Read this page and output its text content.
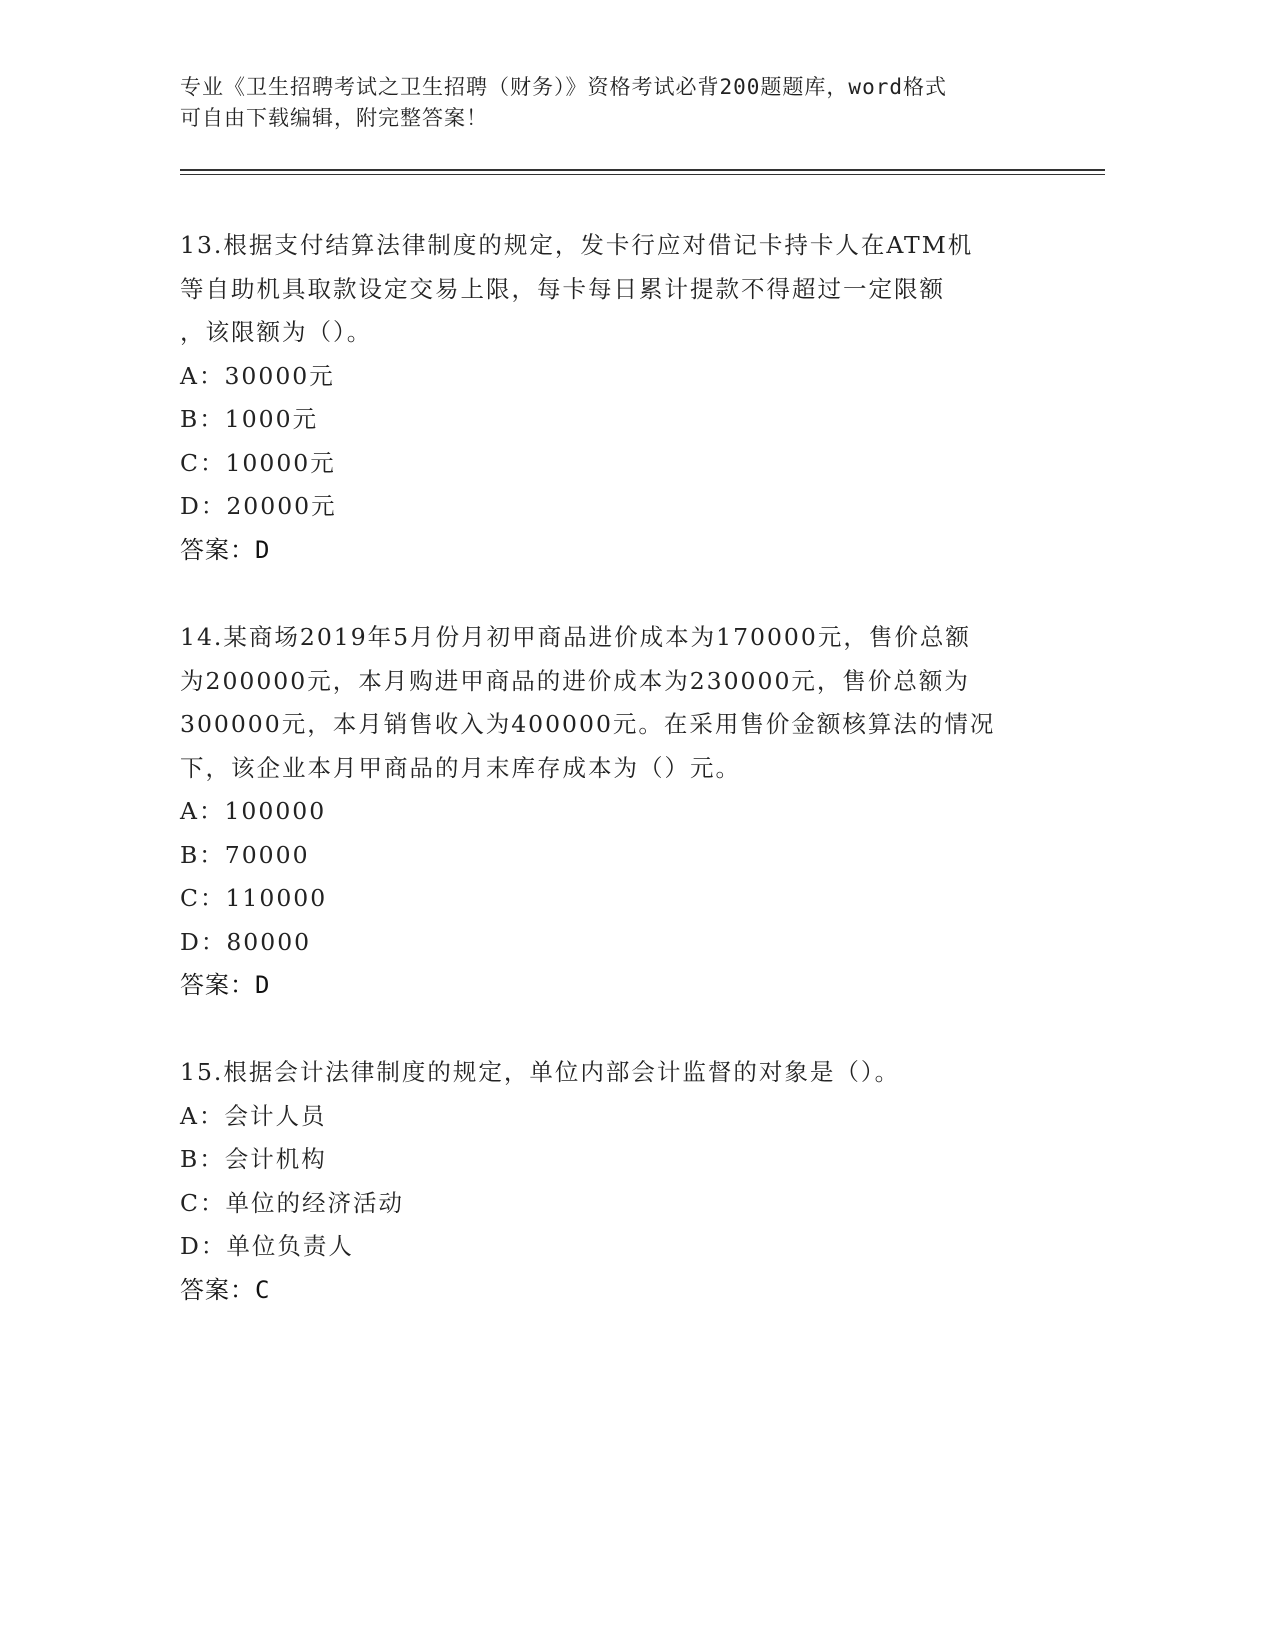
专业《卫生招聘考试之卫生招聘（财务）》资格考试必背200题题库，word格式
可自由下载编辑，附完整答案！
13.根据支付结算法律制度的规定，发卡行应对借记卡持卡人在ATM机
等自助机具取款设定交易上限，每卡每日累计提款不得超过一定限额
，该限额为（）。
A：30000元
B：1000元
C：10000元
D：20000元
答案：D
14.某商场2019年5月份月初甲商品进价成本为170000元，售价总额
为200000元，本月购进甲商品的进价成本为230000元，售价总额为
300000元，本月销售收入为400000元。在采用售价金额核算法的情况
下，该企业本月甲商品的月末库存成本为（）元。
A：100000
B：70000
C：110000
D：80000
答案：D
15.根据会计法律制度的规定，单位内部会计监督的对象是（）。
A：会计人员
B：会计机构
C：单位的经济活动
D：单位负责人
答案：C
